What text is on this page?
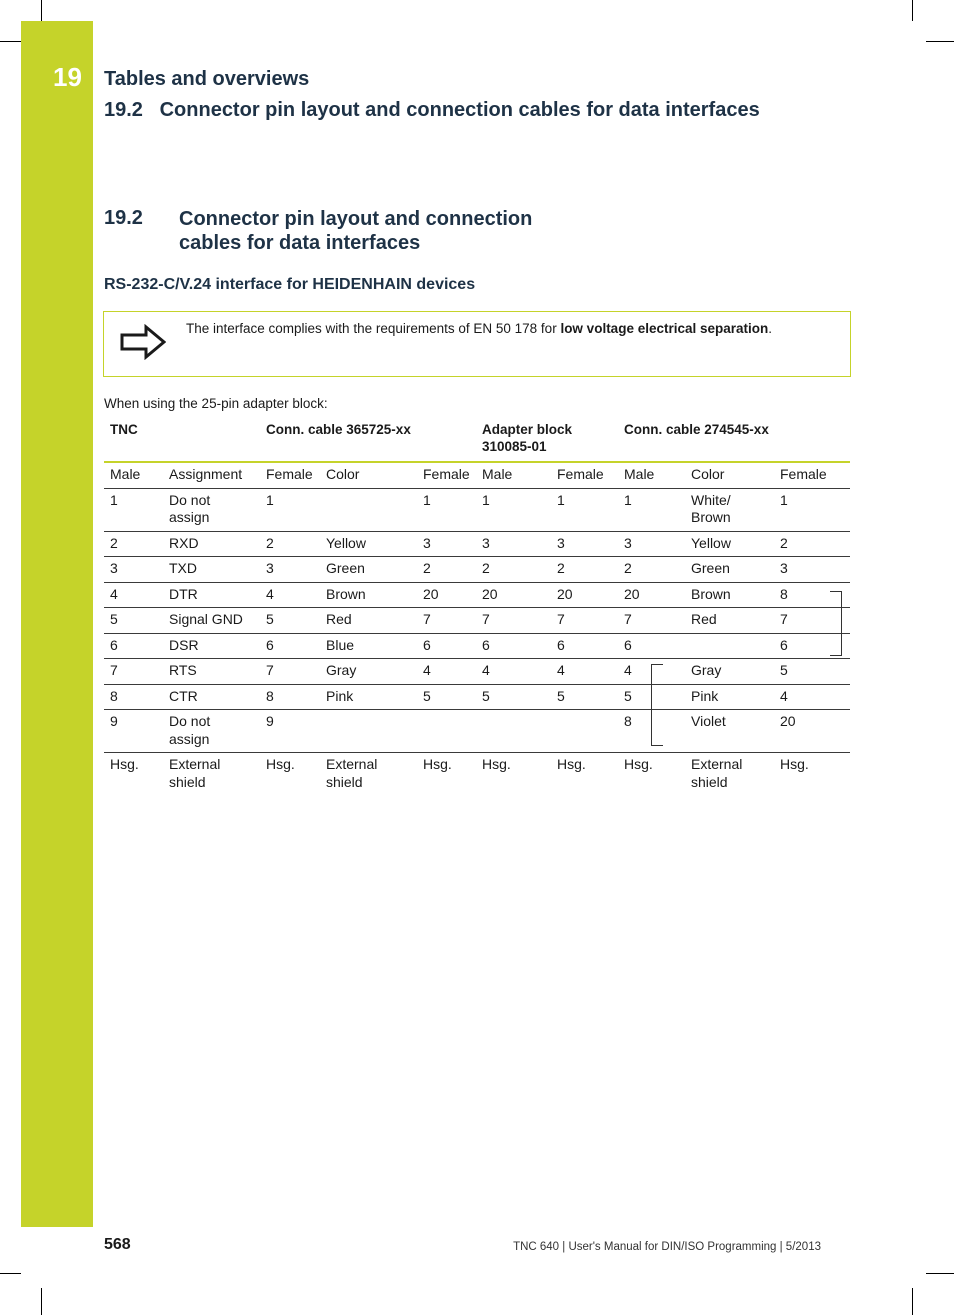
19 Tables and overviews
19.2   Connector pin layout and connection cables for data interfaces
19.2 Connector pin layout and connection cables for data interfaces
RS-232-C/V.24 interface for HEIDENHAIN devices
The interface complies with the requirements of EN 50 178 for low voltage electrical separation.
When using the 25-pin adapter block:
TNC		Conn. cable 365725-xx			Adapter block 310085-01		Conn. cable 274545-xx		
Male	Assignment	Female	Color	Female	Male	Female	Male	Color	Female
1	Do not assign	1		1	1	1	1	White/ Brown	1
2	RXD	2	Yellow	3	3	3	3	Yellow	2
3	TXD	3	Green	2	2	2	2	Green	3
4	DTR	4	Brown	20	20	20	20	Brown	8
5	Signal GND	5	Red	7	7	7	7	Red	7
6	DSR	6	Blue	6	6	6	6		6
7	RTS	7	Gray	4	4	4	4	Gray	5
8	CTR	8	Pink	5	5	5	5	Pink	4
9	Do not assign	9					8	Violet	20
Hsg.	External shield	Hsg.	External shield	Hsg.	Hsg.	Hsg.	Hsg.	External shield	Hsg.
568	TNC 640 | User's Manual for DIN/ISO Programming | 5/2013
